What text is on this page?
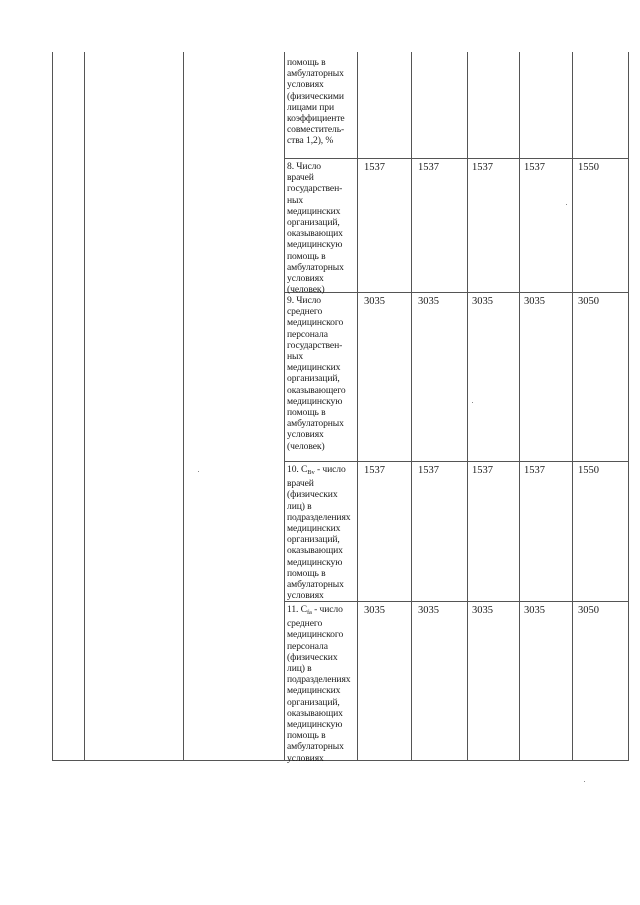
помощь в
амбулаторных
условиях
(физическими
лицами при
коэффициенте
совместитель-
ства 1,2), %
8. Число
врачей
государствен-
ных
медицинских
организаций,
оказывающих
медицинскую
помощь в
амбулаторных
условиях
(человек)
1537	1537	1537	1537	1550
9. Число
среднего
медицинского
персонала
государствен-
ных
медицинских
организаций,
оказывающего
медицинскую
помощь в
амбулаторных
условиях
(человек)
3035	3035	3035	3035	3050
10. $C_{Bv}$ - число
врачей
(физических
лиц) в
подразделениях
медицинских
организаций,
оказывающих
медицинскую
помощь в
амбулаторных
условиях
1537	1537	1537	1537	1550
11. $C_{fa}$ - число
среднего
медицинского
персонала
(физических
лиц) в
подразделениях
медицинских
организаций,
оказывающих
медицинскую
помощь в
амбулаторных
условиях
3035	3035	3035	3035	3050
